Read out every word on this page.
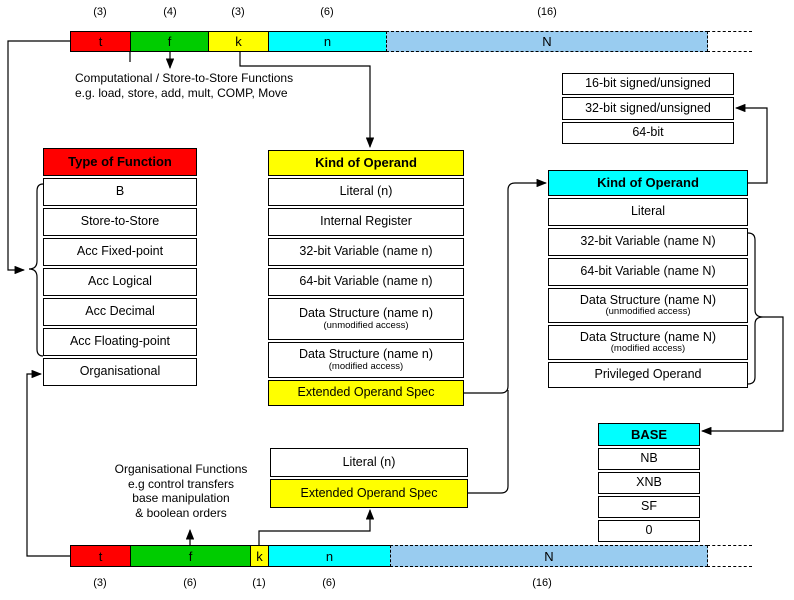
(3)	(4)	(3)	(6)	(16)
t	f	k	n	N
Computational / Store-to-Store Functions
e.g. load, store, add, mult, COMP, Move
Type of Function
B
Store-to-Store
Acc Fixed-point
Acc Logical
Acc Decimal
Acc Floating-point
Organisational
Kind of Operand
Literal (n)
Internal Register
32-bit Variable (name n)
64-bit Variable (name n)
Data Structure (name n)
(unmodified access)
Data Structure (name n)
(modified access)
Extended Operand Spec
16-bit signed/unsigned
32-bit signed/unsigned
64-bit
Kind of Operand
Literal
32-bit Variable (name N)
64-bit Variable (name N)
Data Structure (name N)
(unmodified access)
Data Structure (name N)
(modified access)
Privileged Operand
BASE
NB
XNB
SF
0
Literal (n)
Extended Operand Spec
Organisational Functions
e.g control transfers
base manipulation
& boolean orders
t	f	k	n	N
(3)	(6)	(1)	(6)	(16)
